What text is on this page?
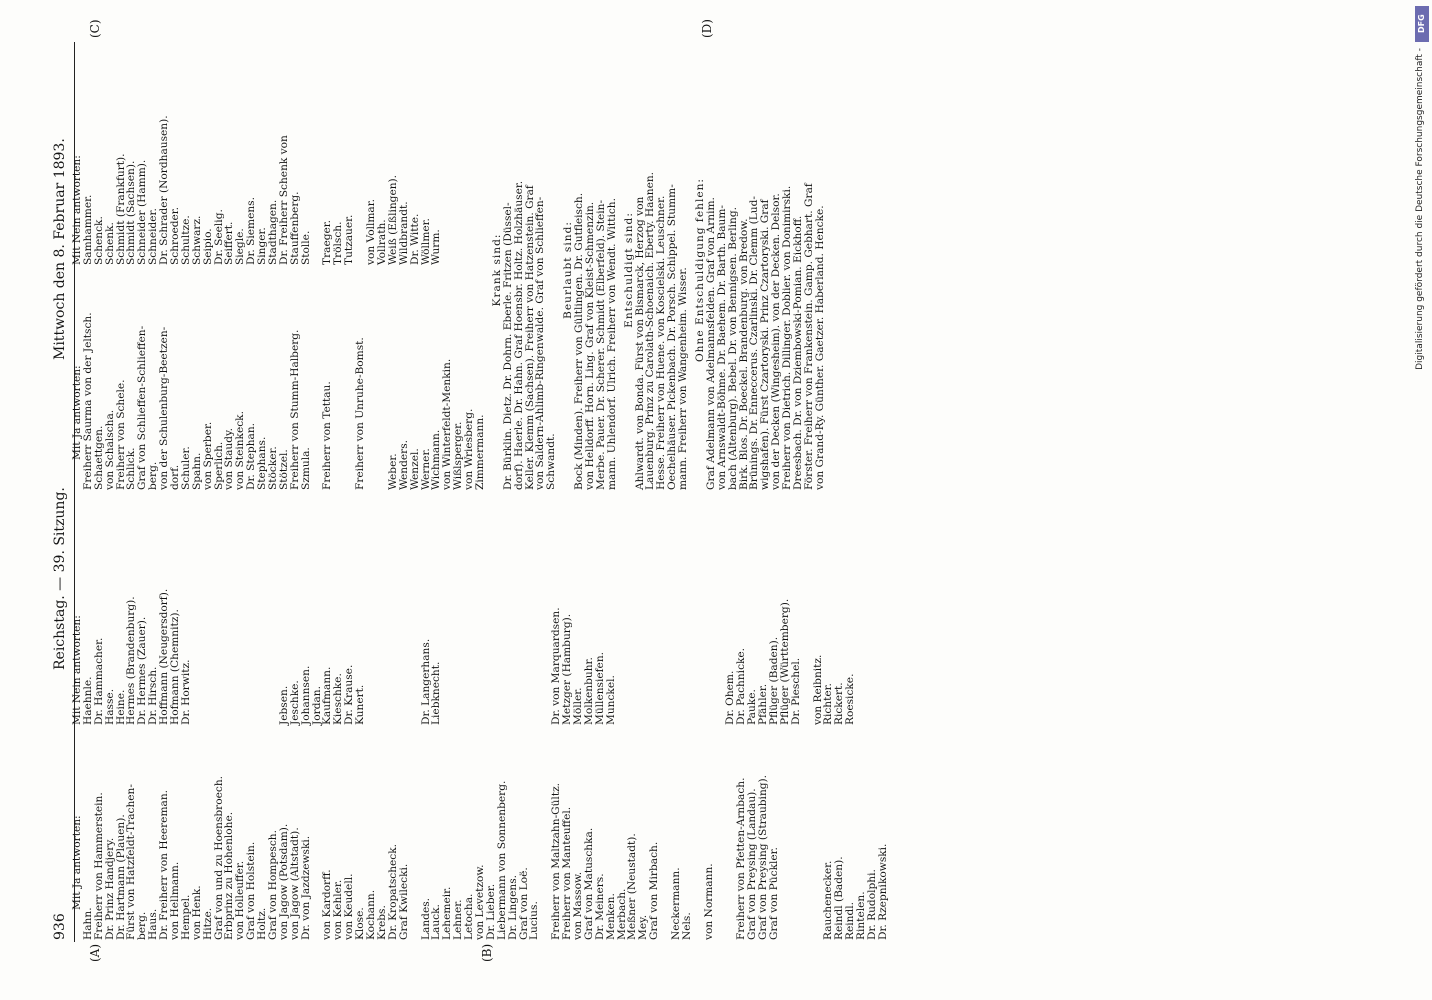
936
Reichstag. — 39. Sitzung.
Mittwoch den 8. Februar 1893.
(A)	(B)
(C)	(D)
Mit Ja antworten:
Mit Nein antworten:
Hahn.
Haehnle.
Freiherr von Hammerstein.
Dr. Hammacher.
Dr. Prinz Handjery.
Hasse.
Dr. Hartmann (Plauen).
Heine.
Fürst von Hatzfeldt-Trachen-
Hermes (Brandenburg).
berg.
Dr. Hermes (Zauer).
Haus.
Dr. Hirsch.
Dr. Freiherr von Heereman.
Hoffmann (Neugersdorf).
von Hellmann.
Hofmann (Chemnitz).
Hempel.
Dr. Horwitz.
von Henk.
Hitze.
Graf von und zu Hoensbroech.
Erbprinz zu Hohenlohe.
von Holleuffer.
Graf von Holstein.
Holtz.
Graf von Hompesch.
von Jagow (Potsdam).
Jebsen.
von Jagow (Altstadt).
Jeschke.
Dr. von Jazdzewski.
Johannsen.
Jordan.
von Kardorff.
Kaufmann.
von Kehler.
Kieschke.
von Keudell.
Dr. Krause.
Klose.
Kunert.
Kochann.
Krebs.
Dr. Kropatscheck.
Graf Kwilecki. Landes.
Dr. Langerhans.
Lauck.
Liebknecht.
Lehemeir.
Lehner.
Letocha.
von Levetzow.
Dr. Lieber.
Liebermann von Sonnenberg.
Dr. Lingens.
Graf von Loë.
Lucius. Freiherr von Maltzahn-Gültz.
Dr. von Marquardsen.
Freiherr von Manteuffel.
Metzger (Hamburg).
von Massow.
Möller.
Graf von Matuschka.
Molkenbuhr.
Dr. Meiners.
Müllensiefen.
Menken.
Munckel.
Merbach.
Meßner (Neustadt).
Mey.
Graf von Mirbach. Neckermann.
Nels. von Normann.
Dr. Ohem.
Freiherr von Pfetten-Arnbach.
Dr. Pachnicke.
Graf von Preysing (Landau).
Pauke.
Graf von Preysing (Straubing).
Pfähler.
Graf von Pückler.
Pflüger (Baden).
Pflüger (Württemberg).
Dr. Pieschel. von Reibnitz.
Rauchenecker.
Richter.
Reindl (Baden).
Rickert.
Reindl.
Roesicke.
Rintelen.
Dr. Rudolphi.
Dr. Rzepnikowski.
Mit Ja antworten:
Mit Nein antworten:
Freiherr Saurma von der Jeltsch.
Samhammer.
Schaettgen.
Schenck.
von Schalscha.
Schenk.
Freiherr von Schele.
Schmidt (Frankfurt).
Schlick.
Schmidt (Sachsen).
Graf von Schlieffen-Schlieffen-
Schneider (Hamm).
berg.
Schneider.
von der Schulenburg-Beetzen-
Dr. Schrader (Nordhausen).
dorf.
Schroeder.
Schuler.
Schultze.
Spahn.
Schwarz.
von Sperber.
Seipio.
Sperlich.
Dr. Seelig.
von Staudy.
Seiffert.
von Steinkeck.
Siegle.
Dr. Stephan.
Dr. Siemens.
Stephans.
Singer.
Stöcker.
Stadthagen.
Stötzel.
Dr. Freiherr Schenk von
Freiherr von Stumm-Halberg.
Stauffenberg.
Szmula.
Stolle.
Freiherr von Tettau.
Traeger.
Trölsch.
Tutzauer.
Freiherr von Unruhe-Bomst.
von Vollmar.
Vollrath.
Weber.
Weiß (Eßlingen).
Wenders.
Wildbrandt.
Wenzel.
Dr. Witte.
Werner.
Wöllmer.
Wichmann.
Wurm.
von Winterfeldt-Menkin.
Wißlsperger.
von Wriesberg.
Zimmermann.
Krank sind:
Dr. Bürklin. Dietz. Dr. Dohrn. Eberle. Fritzen (Düssel-
dorf). Haerle. Dr. Hahn. Graf Hoensbr. Holtz. Holzhäuser.
Keller. Klemm (Sachsen). Freiherr von Hatzenstein. Graf
von Saldern-Ahlimb-Ringenwalde. Graf von Schlieffen-
Schwandt.
Beurlaubt sind:
Bock (Minden). Freiherr von Gültlingen. Dr. Gutfleisch.
von Helldorff. Horn. Ling. Graf von Kleist-Schmenzin.
Merbe. Pauer. Dr. Scherer. Schmidt (Elberfeld). Stein-
mann. Uhlendorf. Ulrich. Freiherr von Wendt. Wittich. Entschuldigt sind:
Ahlwardt. von Bonda. Fürst von Bismarck, Herzog von
Lauenburg. Prinz zu Carolath-Schoenaich. Eberty. Haanen.
Hesse. Freiherr von Huene. von Koscielski. Leuschner.
Oechelhäuser. Pickenbach. Dr. Porsch. Schippel. Stumm-
mann. Freiherr von Wangenheim. Wisser. Ohne Entschuldigung fehlen:
Graf Adelmann von Adelmannsfelden. Graf von Arnim.
von Arnswaldt-Böhme. Dr. Baehem. Dr. Barth. Baum-
bach (Altenburg). Bebel. Dr. von Bennigsen. Berling.
Birk. Blos. Dr. Boeckel. Brandenburg. von Bredow.
Brünings. Dr. Enneccerus. Czarlinski. Dr. Clemm (Lud-
wigshafen). Fürst Czartoryski. Prinz Czartoryski. Graf
von der Decken (Wingesheim). von der Decken. Delsor.
Freiherr von Dietrich. Dillinger. Doblier. von Donimirski.
Dreesbach. Dr. von Dziembowski-Pomian. Eickhoff.
Förster. Freiherr von Frankenstein. Gamp. Gebhart. Graf
von Grand-Ry. Günther. Gaetzer. Haberland. Hencke.
DFG
Digitalisierung gefördert durch die Deutsche Forschungsgemeinschaft -
